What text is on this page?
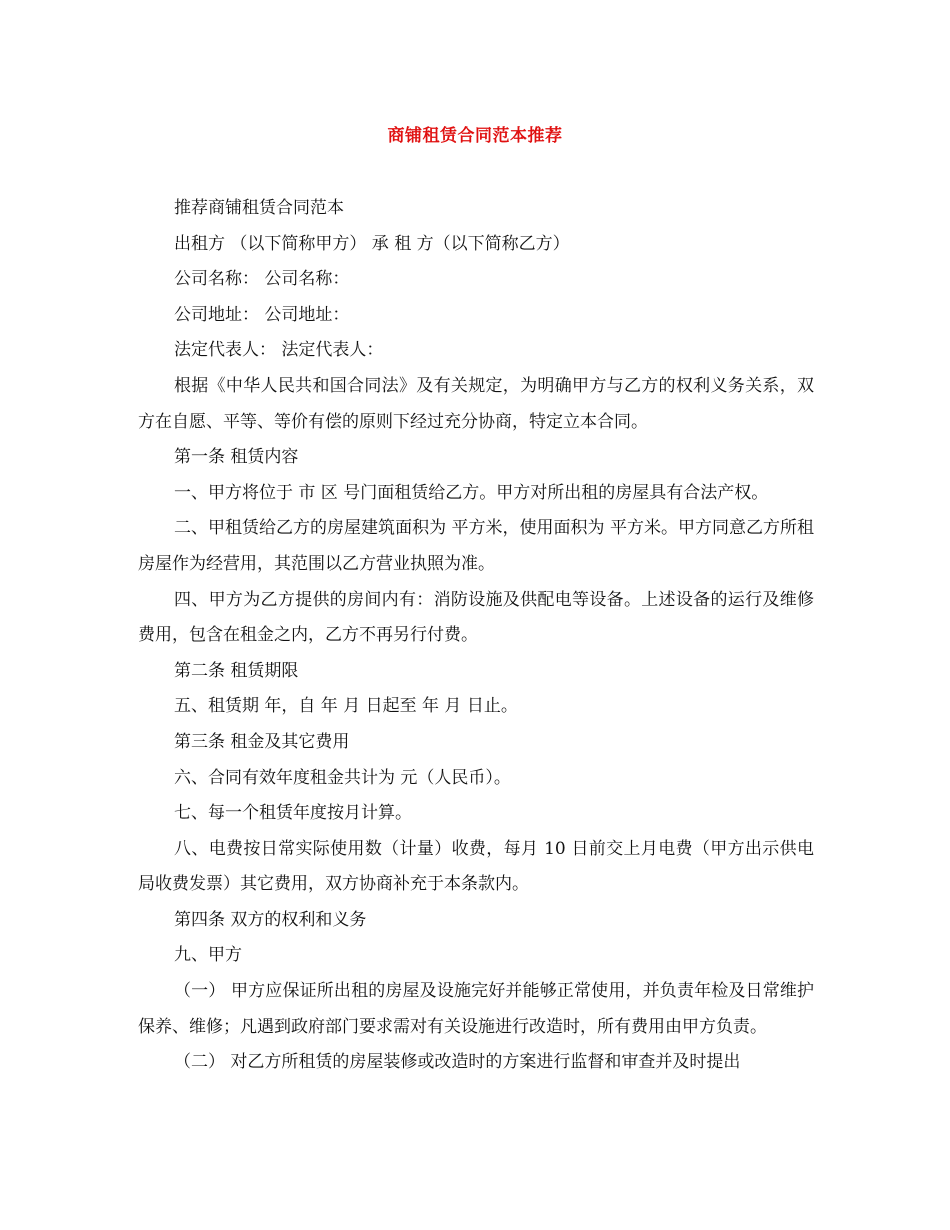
商铺租赁合同范本推荐

推荐商铺租赁合同范本

出租方 （以下简称甲方） 承 租 方（以下简称乙方）

公司名称： 公司名称：

公司地址： 公司地址：

法定代表人： 法定代表人：

根据《中华人民共和国合同法》及有关规定，为明确甲方与乙方的权利义务关系，双方在自愿、平等、等价有偿的原则下经过充分协商，特定立本合同。

第一条 租赁内容

一、甲方将位于 市 区 号门面租赁给乙方。甲方对所出租的房屋具有合法产权。

二、甲租赁给乙方的房屋建筑面积为 平方米，使用面积为 平方米。甲方同意乙方所租房屋作为经营用，其范围以乙方营业执照为准。

四、甲方为乙方提供的房间内有：消防设施及供配电等设备。上述设备的运行及维修费用，包含在租金之内，乙方不再另行付费。

第二条 租赁期限

五、租赁期 年，自 年 月 日起至 年 月 日止。

第三条 租金及其它费用

六、合同有效年度租金共计为 元（人民币）。

七、每一个租赁年度按月计算。

八、电费按日常实际使用数（计量）收费，每月 10 日前交上月电费（甲方出示供电局收费发票）其它费用，双方协商补充于本条款内。

第四条 双方的权利和义务

九、甲方

（一） 甲方应保证所出租的房屋及设施完好并能够正常使用，并负责年检及日常维护保养、维修；凡遇到政府部门要求需对有关设施进行改造时，所有费用由甲方负责。

（二） 对乙方所租赁的房屋装修或改造时的方案进行监督和审查并及时提出
